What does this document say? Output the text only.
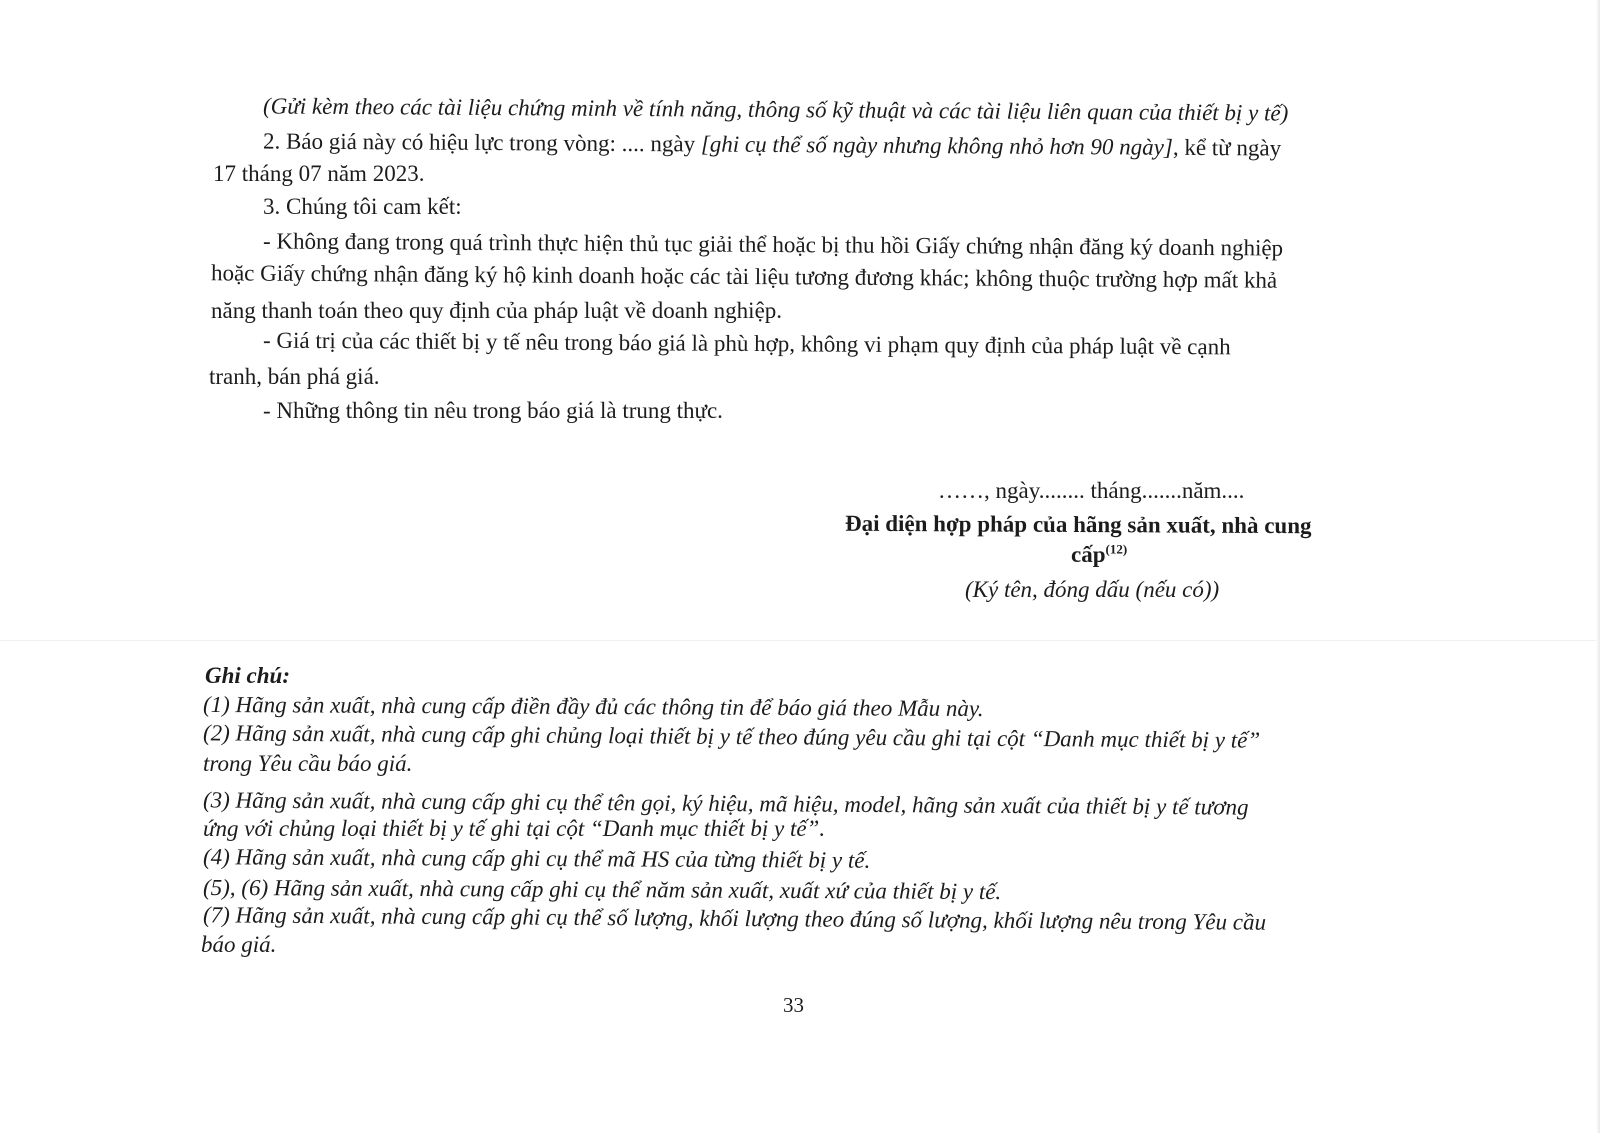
(Gửi kèm theo các tài liệu chứng minh về tính năng, thông số kỹ thuật và các tài liệu liên quan của thiết bị y tế)
2. Báo giá này có hiệu lực trong vòng: .... ngày [ghi cụ thể số ngày nhưng không nhỏ hơn 90 ngày], kể từ ngày
17 tháng 07 năm 2023.
3. Chúng tôi cam kết:
- Không đang trong quá trình thực hiện thủ tục giải thể hoặc bị thu hồi Giấy chứng nhận đăng ký doanh nghiệp
hoặc Giấy chứng nhận đăng ký hộ kinh doanh hoặc các tài liệu tương đương khác; không thuộc trường hợp mất khả
năng thanh toán theo quy định của pháp luật về doanh nghiệp.
- Giá trị của các thiết bị y tế nêu trong báo giá là phù hợp, không vi phạm quy định của pháp luật về cạnh
tranh, bán phá giá.
- Những thông tin nêu trong báo giá là trung thực.
……, ngày........ tháng.......năm....
Đại diện hợp pháp của hãng sản xuất, nhà cung
cấp$^{(12)}$
(Ký tên, đóng dấu (nếu có))
Ghi chú:
(1) Hãng sản xuất, nhà cung cấp điền đầy đủ các thông tin để báo giá theo Mẫu này.
(2) Hãng sản xuất, nhà cung cấp ghi chủng loại thiết bị y tế theo đúng yêu cầu ghi tại cột “Danh mục thiết bị y tế”
trong Yêu cầu báo giá.
(3) Hãng sản xuất, nhà cung cấp ghi cụ thể tên gọi, ký hiệu, mã hiệu, model, hãng sản xuất của thiết bị y tế tương
ứng với chủng loại thiết bị y tế ghi tại cột “Danh mục thiết bị y tế”.
(4) Hãng sản xuất, nhà cung cấp ghi cụ thể mã HS của từng thiết bị y tế.
(5), (6) Hãng sản xuất, nhà cung cấp ghi cụ thể năm sản xuất, xuất xứ của thiết bị y tế.
(7) Hãng sản xuất, nhà cung cấp ghi cụ thể số lượng, khối lượng theo đúng số lượng, khối lượng nêu trong Yêu cầu
báo giá.
33
